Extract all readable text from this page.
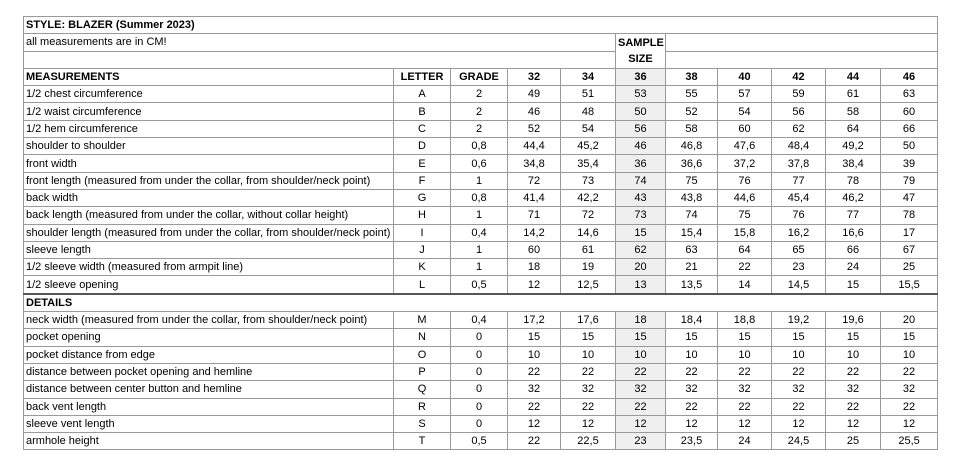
STYLE: BLAZER (Summer 2023)										
all measurements are in CM!					SAMPLE					
					SIZE					
MEASUREMENTS	LETTER	GRADE	32	34	36	38	40	42	44	46
1/2 chest circumference	A	2	49	51	53	55	57	59	61	63
1/2 waist circumference	B	2	46	48	50	52	54	56	58	60
1/2 hem circumference	C	2	52	54	56	58	60	62	64	66
shoulder to shoulder	D	0,8	44,4	45,2	46	46,8	47,6	48,4	49,2	50
front width	E	0,6	34,8	35,4	36	36,6	37,2	37,8	38,4	39
front length (measured from under the collar, from shoulder/neck point)	F	1	72	73	74	75	76	77	78	79
back width	G	0,8	41,4	42,2	43	43,8	44,6	45,4	46,2	47
back length (measured from under the collar, without collar height)	H	1	71	72	73	74	75	76	77	78
shoulder length (measured from under the collar, from shoulder/neck point)	I	0,4	14,2	14,6	15	15,4	15,8	16,2	16,6	17
sleeve length	J	1	60	61	62	63	64	65	66	67
1/2 sleeve width (measured from armpit line)	K	1	18	19	20	21	22	23	24	25
1/2 sleeve opening	L	0,5	12	12,5	13	13,5	14	14,5	15	15,5
DETAILS										
neck width (measured from under the collar, from shoulder/neck point)	M	0,4	17,2	17,6	18	18,4	18,8	19,2	19,6	20
pocket opening	N	0	15	15	15	15	15	15	15	15
pocket distance from edge	O	0	10	10	10	10	10	10	10	10
distance between pocket opening and hemline	P	0	22	22	22	22	22	22	22	22
distance between center button and hemline	Q	0	32	32	32	32	32	32	32	32
back vent length	R	0	22	22	22	22	22	22	22	22
sleeve vent length	S	0	12	12	12	12	12	12	12	12
armhole height	T	0,5	22	22,5	23	23,5	24	24,5	25	25,5
